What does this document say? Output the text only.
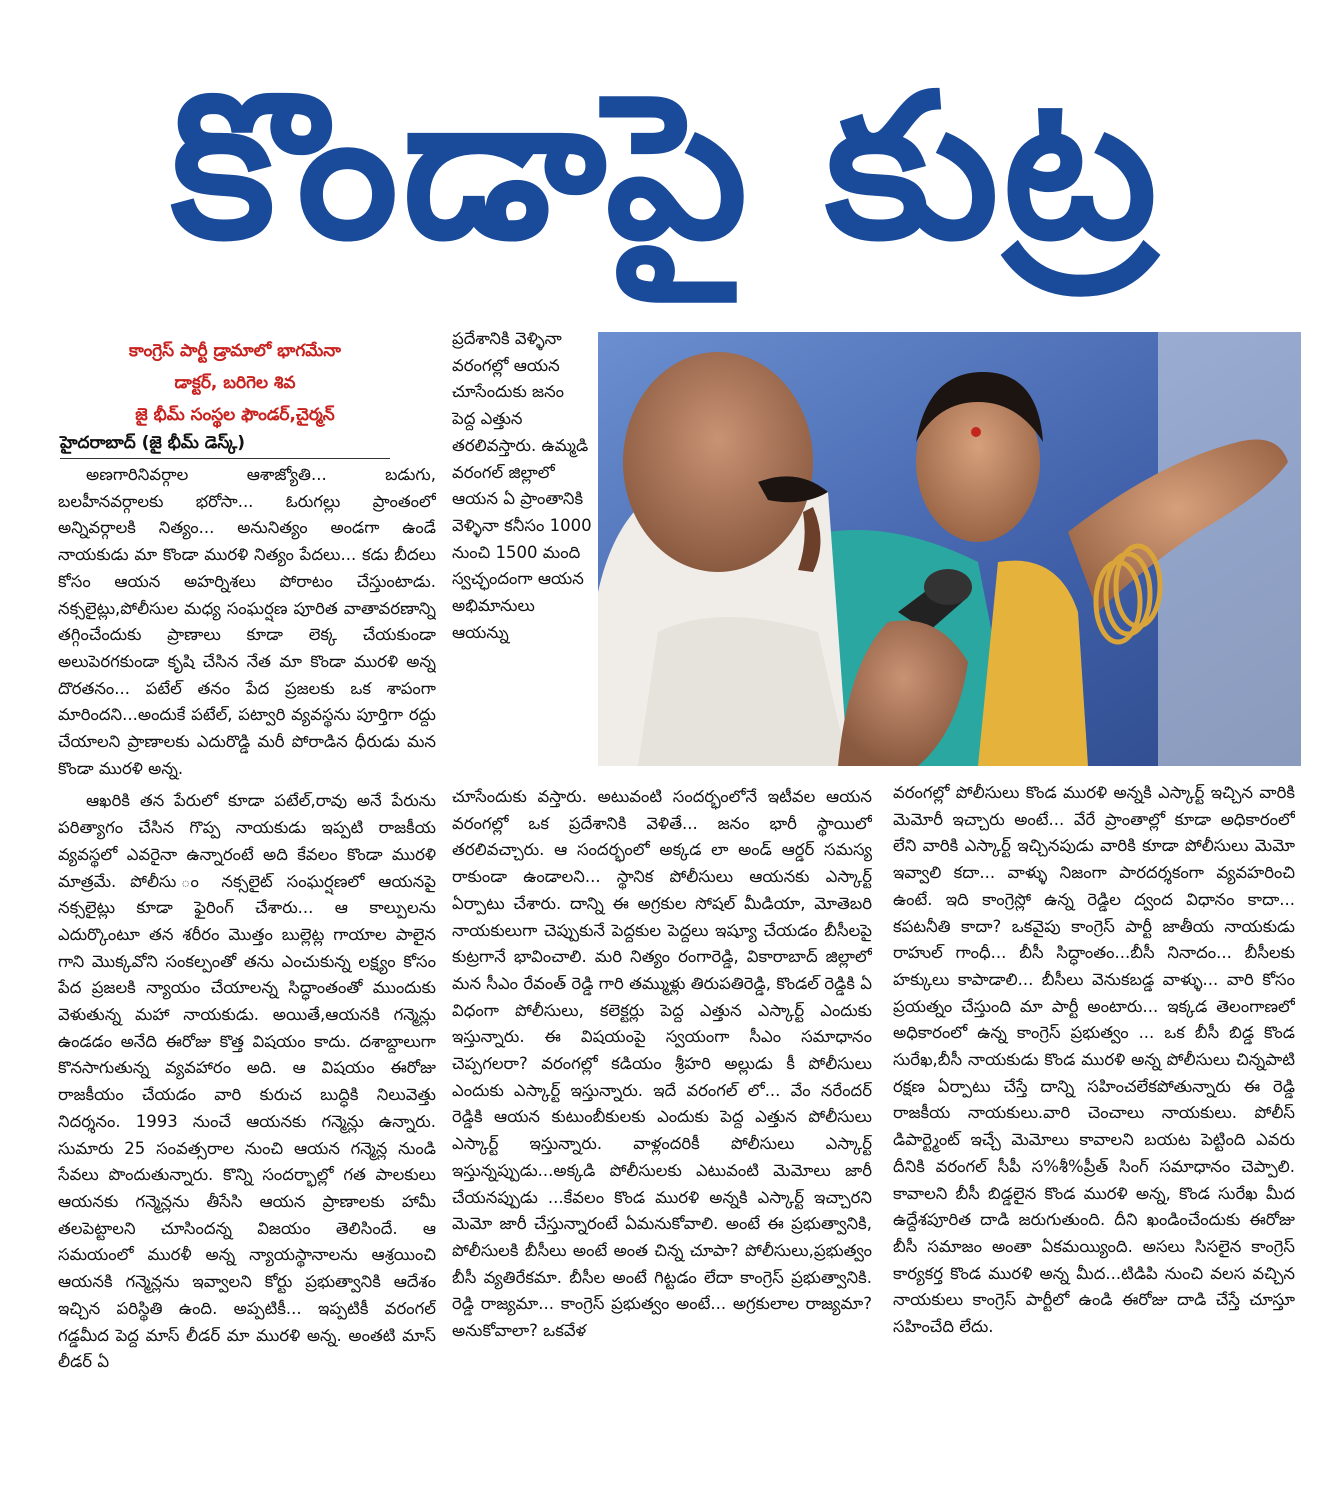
కొండాపై కుట్ర
కాంగ్రెస్ పార్టీ డ్రామాలో భాగమేనా
డాక్టర్, బరిగెల శివ
జై భీమ్ సంస్థల ఫౌండర్,చైర్మన్
హైదరాబాద్ (జై భీమ్ డెస్క్)

అణగారినివర్గాల ఆశాజ్యోతి... బడుగు, బలహీనవర్గాలకు భరోసా... ఓరుగల్లు ప్రాంతంలో అన్నివర్గాలకి నిత్యం... అనునిత్యం అండగా ఉండే నాయకుడు మా కొండా మురళి నిత్యం పేదలు... కడు బీదలు కోసం ఆయన అహర్నిశలు పోరాటం చేస్తుంటాడు. నక్సలైట్లు,పోలీసుల మధ్య సంఘర్షణ పూరిత వాతావరణాన్ని తగ్గించేందుకు ప్రాణాలు కూడా లెక్క చేయకుండా అలుపెరగకుండా కృషి చేసిన నేత మా కొండా మురళి అన్న దొరతనం... పటేల్ తనం పేద ప్రజలకు ఒక శాపంగా మారిందని...అందుకే పటేల్, పట్వారి వ్యవస్థను పూర్తిగా రద్దు చేయాలని ప్రాణాలకు ఎదురొడ్డి మరీ పోరాడిన ధీరుడు మన కొండా మురళి అన్న.

ఆఖరికి తన పేరులో కూడా పటేల్,రావు అనే పేరును పరిత్యాగం చేసిన గొప్ప నాయకుడు ఇప్పటి రాజకీయ వ్యవస్థలో ఎవరైనా ఉన్నారంటే అది కేవలం కొండా మురళి మాత్రమే. పోలీసు ం నక్సలైట్ సంఘర్షణలో ఆయనపై నక్సలైట్లు కూడా ఫైరింగ్ చేశారు... ఆ కాల్పులను ఎదుర్కొంటూ తన శరీరం మొత్తం బుల్లెట్ల గాయాల పాలైన గాని మొక్కవోని సంకల్పంతో తను ఎంచుకున్న లక్ష్యం కోసం పేద ప్రజలకి న్యాయం చేయాలన్న సిద్ధాంతంతో ముందుకు వెళుతున్న మహా నాయకుడు. అయితే,ఆయనకి గన్మెన్లు ఉండడం అనేది ఈరోజు కొత్త విషయం కాదు. దశాబ్దాలుగా కొనసాగుతున్న వ్యవహారం అది. ఆ విషయం ఈరోజు రాజకీయం చేయడం వారి కురుచ బుద్ధికి నిలువెత్తు నిదర్శనం. 1993 నుంచే ఆయనకు గన్మెన్లు ఉన్నారు. సుమారు 25 సంవత్సరాల నుంచి ఆయన గన్మెన్ల నుండి సేవలు పొందుతున్నారు. కొన్ని సందర్భాల్లో గత పాలకులు ఆయనకు గన్మెన్లను తీసేసి ఆయన ప్రాణాలకు హామీ తలపెట్టాలని చూసిందన్న విజయం తెలిసిందే. ఆ సమయంలో మురళీ అన్న న్యాయస్థానాలను ఆశ్రయించి ఆయనకి గన్మెన్లను ఇవ్వాలని కోర్టు ప్రభుత్వానికి ఆదేశం ఇచ్చిన పరిస్థితి ఉంది. అప్పటికీ... ఇప్పటికీ వరంగల్ గడ్డమీద పెద్ద మాస్ లీడర్ మా మురళి అన్న. అంతటి మాస్ లీడర్ ఏ

ప్రదేశానికి వెళ్ళినా వరంగల్లో ఆయన చూసేందుకు జనం పెద్ద ఎత్తున తరలివస్తారు. ఉమ్మడి వరంగల్ జిల్లాలో ఆయన ఏ ప్రాంతానికి వెళ్ళినా కనీసం 1000 నుంచి 1500 మంది స్వచ్ఛందంగా ఆయన అభిమానులు ఆయన్ను

చూసేందుకు వస్తారు. అటువంటి సందర్భంలోనే ఇటీవల ఆయన వరంగల్లో ఒక ప్రదేశానికి వెళితే... జనం భారీ స్థాయిలో తరలివచ్చారు. ఆ సందర్భంలో అక్కడ లా అండ్ ఆర్డర్ సమస్య రాకుండా ఉండాలని... స్థానిక పోలీసులు ఆయనకు ఎస్కార్ట్ ఏర్పాటు చేశారు. దాన్ని ఈ అగ్రకుల సోషల్ మీడియా, మోతెబరి నాయకులుగా చెప్పుకునే పెద్దకుల పెద్దలు ఇష్యూ చేయడం బీసీలపై కుట్రగానే భావించాలి. మరి నిత్యం రంగారెడ్డి, వికారాబాద్ జిల్లాలో మన సీఎం రేవంత్ రెడ్డి గారి తమ్ముళ్లు తిరుపతిరెడ్డి, కొండల్ రెడ్డికి ఏ విధంగా పోలీసులు, కలెక్టర్లు పెద్ద ఎత్తున ఎస్కార్ట్ ఎందుకు ఇస్తున్నారు. ఈ విషయంపై స్వయంగా సీఎం సమాధానం చెప్పగలరా? వరంగల్లో కడియం శ్రీహరి అల్లుడు కీ పోలీసులు ఎందుకు ఎస్కార్ట్ ఇస్తున్నారు. ఇదే వరంగల్ లో... వేం నరేందర్ రెడ్డికి ఆయన కుటుంబీకులకు ఎందుకు పెద్ద ఎత్తున పోలీసులు ఎస్కార్ట్ ఇస్తున్నారు. వాళ్లందరికీ పోలీసులు ఎస్కార్ట్ ఇస్తున్నప్పుడు...అక్కడి పోలీసులకు ఎటువంటి మెమోలు జారీ చేయనప్పుడు ...కేవలం కొండ మురళి అన్నకి ఎస్కార్ట్ ఇచ్చారని మెమో జారీ చేస్తున్నారంటే ఏమనుకోవాలి. అంటే ఈ ప్రభుత్వానికి, పోలీసులకి బీసీలు అంటే అంత చిన్న చూపా? పోలీసులు,ప్రభుత్వం బీసీ వ్యతిరేకమా. బీసీల అంటే గిట్టడం లేదా కాంగ్రెస్ ప్రభుత్వానికి. రెడ్డి రాజ్యమా... కాంగ్రెస్ ప్రభుత్వం అంటే... అగ్రకులాల రాజ్యమా? అనుకోవాలా? ఒకవేళ

వరంగల్లో పోలీసులు కొండ మురళి అన్నకి ఎస్కార్ట్ ఇచ్చిన వారికి మెమోరీ ఇచ్చారు అంటే... వేరే ప్రాంతాల్లో కూడా అధికారంలో లేని వారికి ఎస్కార్ట్ ఇచ్చినపుడు వారికి కూడా పోలీసులు మెమో ఇవ్వాలి కదా... వాళ్ళు నిజంగా పారదర్శకంగా వ్యవహరించి ఉంటే. ఇది కాంగ్రెస్లో ఉన్న రెడ్డిల ద్వంద విధానం కాదా... కపటనీతి కాదా? ఒకవైపు కాంగ్రెస్ పార్టీ జాతీయ నాయకుడు రాహుల్ గాంధీ... బీసీ సిద్ధాంతం...బీసీ నినాదం... బీసీలకు హక్కులు కాపాడాలి... బీసీలు వెనుకబడ్డ వాళ్ళు... వారి కోసం ప్రయత్నం చేస్తుంది మా పార్టీ అంటారు... ఇక్కడ తెలంగాణలో అధికారంలో ఉన్న కాంగ్రెస్ ప్రభుత్వం ... ఒక బీసీ బిడ్డ కొండ సురేఖ,బీసీ నాయకుడు కొండ మురళి అన్న పోలీసులు చిన్నపాటి రక్షణ ఏర్పాటు చేస్తే దాన్ని సహించలేకపోతున్నారు ఈ రెడ్డి రాజకీయ నాయకులు.వారి చెంచాలు నాయకులు. పోలీస్ డిపార్ట్మెంట్ ఇచ్చే మెమోలు కావాలని బయట పెట్టింది ఎవరు దీనికి వరంగల్ సీపీ స%శీ%ప్రీత్ సింగ్ సమాధానం చెప్పాలి. కావాలని బీసీ బిడ్డలైన కొండ మురళి అన్న, కొండ సురేఖ మీద ఉద్దేశపూరిత దాడి జరుగుతుంది. దీని ఖండించేందుకు ఈరోజు బీసీ సమాజం అంతా ఏకమయ్యింది. అసలు సిసలైన కాంగ్రెస్ కార్యకర్త కొండ మురళి అన్న మీద...టిడిపి నుంచి వలస వచ్చిన నాయకులు కాంగ్రెస్ పార్టీలో ఉండి ఈరోజు దాడి చేస్తే చూస్తూ సహించేది లేదు.
